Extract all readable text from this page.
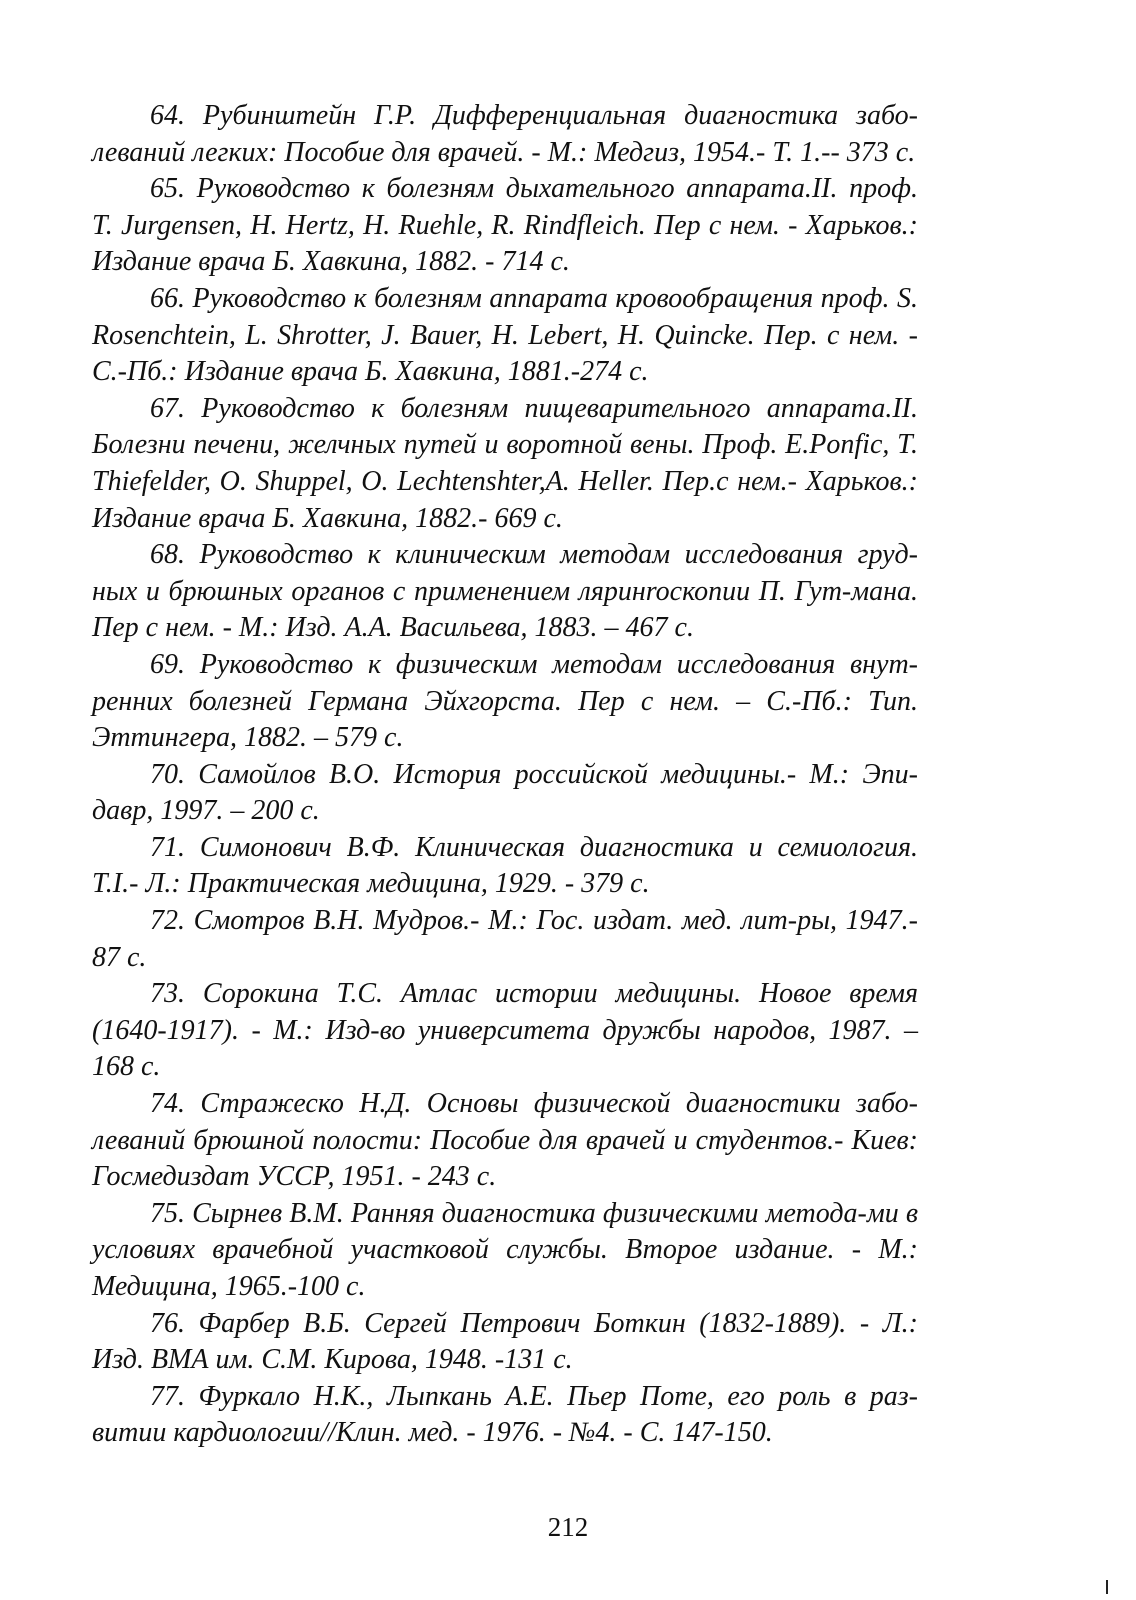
64. Рубинштейн Г.Р. Дифференциальная диагностика забо-леваний легких: Пособие для врачей. - М.: Медгиз, 1954.- Т. 1.-- 373 с.

65. Руководство к болезням дыхательного аппарата.II. проф. Т. Jurgensen, Н. Hertz, Н. Ruehle, R. Rindfleich. Пер с нем. - Харьков.: Издание врача Б. Хавкина, 1882. - 714 с.

66. Руководство к болезням аппарата кровообращения проф. S. Rosenchtein, L. Shrotter, J. Bauer, Н. Lebert, Н. Quincke. Пер. с нем. - С.-Пб.: Издание врача Б. Хавкина, 1881.-274 с.

67. Руководство к болезням пищеварительного аппарата.II. Болезни печени, желчных путей и воротной вены. Проф. E.Ponfic, Т. Thiefelder, О. Shuppel, О. Lechtenshter,A. Heller. Пер.с нем.- Харьков.: Издание врача Б. Хавкина, 1882.- 669 с.

68. Руководство к клиническим методам исследования груд-ных и брюшных органов с применением ляринroскопии П. Гут-мана. Пер с нем. - М.: Изд. А.А. Васильева, 1883. – 467 с.

69. Руководство к физическим методам исследования внут-ренних болезней Германа Эйхгорста. Пер с нем. – С.-Пб.: Тип. Эттингера, 1882. – 579 с.

70. Самойлов В.О. История российской медицины.- М.: Эпи-давр, 1997. – 200 с.

71. Симонович В.Ф. Клиническая диагностика и семиология. Т.I.- Л.: Практическая медицина, 1929. - 379 с.

72. Смотров В.Н. Мудров.- М.: Гос. издат. мед. лит-ры, 1947.- 87 с.

73. Сорокина Т.С. Атлас истории медицины. Новое время (1640-1917). - М.: Изд-во университета дружбы народов, 1987. – 168 с.

74. Стражеско Н.Д. Основы физической диагностики забо-леваний брюшной полости: Пособие для врачей и студентов.- Киев: Госмедиздат УССР, 1951. - 243 с.

75. Сырнев В.М. Ранняя диагностика физическими метода-ми в условиях врачебной участковой службы. Второе издание. - М.: Медицина, 1965.-100 с.

76. Фарбер В.Б. Сергей Петрович Боткин (1832-1889). - Л.: Изд. ВМА им. С.М. Кирова, 1948. -131 с.

77. Фуркало Н.К., Лыпкань А.Е. Пьер Поте, его роль в раз-витии кардиологии//Клин. мед. - 1976. - №4. - С. 147-150.

212
